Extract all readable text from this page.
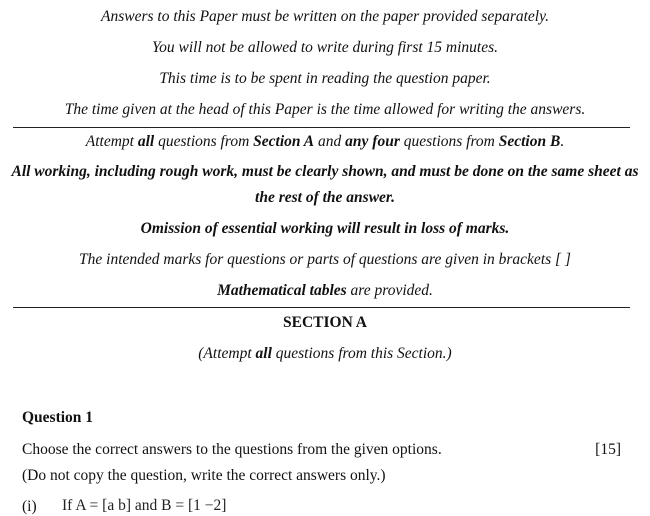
Answers to this Paper must be written on the paper provided separately.
You will not be allowed to write during first 15 minutes.
This time is to be spent in reading the question paper.
The time given at the head of this Paper is the time allowed for writing the answers.
Attempt all questions from Section A and any four questions from Section B.
All working, including rough work, must be clearly shown, and must be done on the same sheet as
the rest of the answer.
Omission of essential working will result in loss of marks.
The intended marks for questions or parts of questions are given in brackets [ ]
Mathematical tables are provided.
SECTION A
(Attempt all questions from this Section.)
Question 1
Choose the correct answers to the questions from the given options.	[15]
(Do not copy the question, write the correct answers only.)
(i) If A = [a b] and B = [1 −2]
